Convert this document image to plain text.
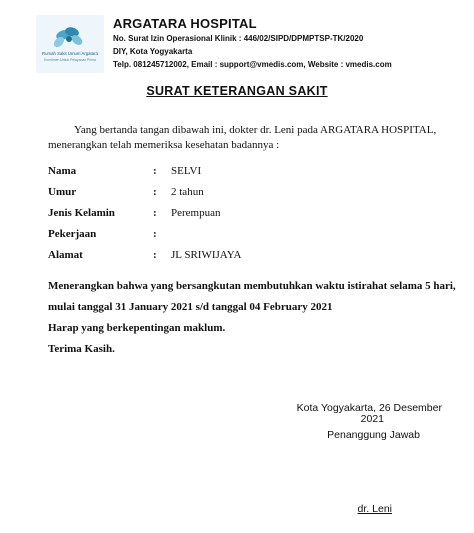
Rumah Sakit Umum Argatara
Komitmen Untuk Pelayanan Prima
ARGATARA HOSPITAL
No. Surat Izin Operasional Klinik : 446/02/SIPD/DPMPTSP-TK/2020
DIY, Kota Yogyakarta
Telp. 081245712002, Email : support@vmedis.com, Website : vmedis.com
SURAT KETERANGAN SAKIT
Yang bertanda tangan dibawah ini, dokter dr. Leni pada ARGATARA HOSPITAL,
menerangkan telah memeriksa kesehatan badannya :
Nama	: SELVI
Umur	: 2 tahun
Jenis Kelamin	: Perempuan
Pekerjaan	:
Alamat	: JL SRIWIJAYA
Menerangkan bahwa yang bersangkutan membutuhkan waktu istirahat selama 5 hari,
mulai tanggal 31 January 2021 s/d tanggal 04 February 2021
Harap yang berkepentingan maklum.
Terima Kasih.
Kota Yogyakarta, 26 Desember
2021
Penanggung Jawab
dr. Leni
